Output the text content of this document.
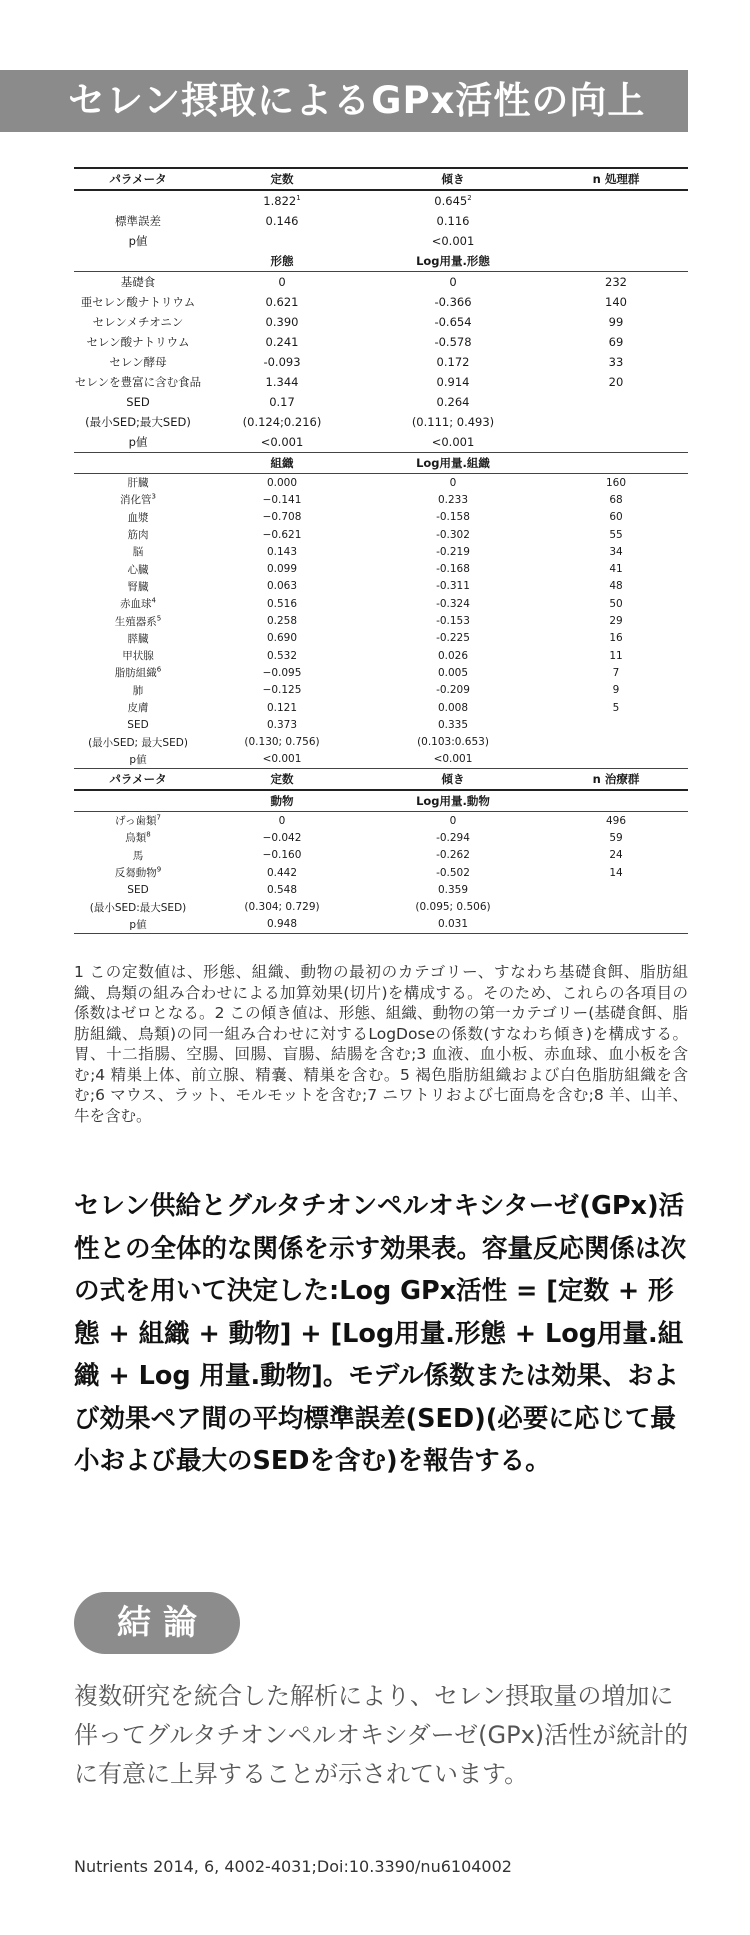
セレン摂取によるGPx活性の向上
パラメータ	定数	傾き	n 処理群
	1.822$^1$	0.645$^2$	
標準誤差	0.146	0.116	
p値		<0.001	
	形態	Log用量.形態	
基礎食	0	0	232
亜セレン酸ナトリウム	0.621	-0.366	140
セレンメチオニン	0.390	-0.654	99
セレン酸ナトリウム	0.241	-0.578	69
セレン酵母	-0.093	0.172	33
セレンを豊富に含む食品	1.344	0.914	20
SED	0.17	0.264	
(最小SED;最大SED)	(0.124;0.216)	(0.111; 0.493)	
p値	<0.001	<0.001	
	組織	Log用量.組織	
肝臓	0.000	0	160
消化管$^3$	−0.141	0.233	68
血漿	−0.708	-0.158	60
筋肉	−0.621	-0.302	55
脳	0.143	-0.219	34
心臓	0.099	-0.168	41
腎臓	0.063	-0.311	48
赤血球$^4$	0.516	-0.324	50
生殖器系$^5$	0.258	-0.153	29
膵臓	0.690	-0.225	16
甲状腺	0.532	0.026	11
脂肪組織$^6$	−0.095	0.005	7
肺	−0.125	-0.209	9
皮膚	0.121	0.008	5
SED	0.373	0.335	
(最小SED; 最大SED)	(0.130; 0.756)	(0.103:0.653)	
p値	<0.001	<0.001	
パラメータ	定数	傾き	n 治療群
	動物	Log用量.動物	
げっ歯類$^7$	0	0	496
鳥類$^8$	−0.042	-0.294	59
馬	−0.160	-0.262	24
反芻動物$^9$	0.442	-0.502	14
SED	0.548	0.359	
(最小SED:最大SED)	(0.304; 0.729)	(0.095; 0.506)	
p値	0.948	0.031	
1 この定数値は、形態、組織、動物の最初のカテゴリー、すなわち基礎食餌、脂肪組織、鳥類の組み合わせによる加算効果(切片)を構成する。そのため、これらの各項目の係数はゼロとなる。2 この傾き値は、形態、組織、動物の第一カテゴリー(基礎食餌、脂肪組織、鳥類)の同一組み合わせに対するLogDoseの係数(すなわち傾き)を構成する。胃、十二指腸、空腸、回腸、盲腸、結腸を含む;3 血液、血小板、赤血球、血小板を含む;4 精巣上体、前立腺、精嚢、精巣を含む。5 褐色脂肪組織および白色脂肪組織を含む;6 マウス、ラット、モルモットを含む;7 ニワトリおよび七面鳥を含む;8 羊、山羊、牛を含む。
セレン供給とグルタチオンペルオキシターゼ(GPx)活性との全体的な関係を示す効果表。容量反応関係は次の式を用いて決定した:Log GPx活性 = [定数 + 形態 + 組織 + 動物] + [Log用量.形態 + Log用量.組織 + Log 用量.動物]。モデル係数または効果、および効果ペア間の平均標準誤差(SED)(必要に応じて最小および最大のSEDを含む)を報告する。
結論
複数研究を統合した解析により、セレン摂取量の増加に伴ってグルタチオンペルオキシダーゼ(GPx)活性が統計的に有意に上昇することが示されています。
Nutrients 2014, 6, 4002-4031;Doi:10.3390/nu6104002
